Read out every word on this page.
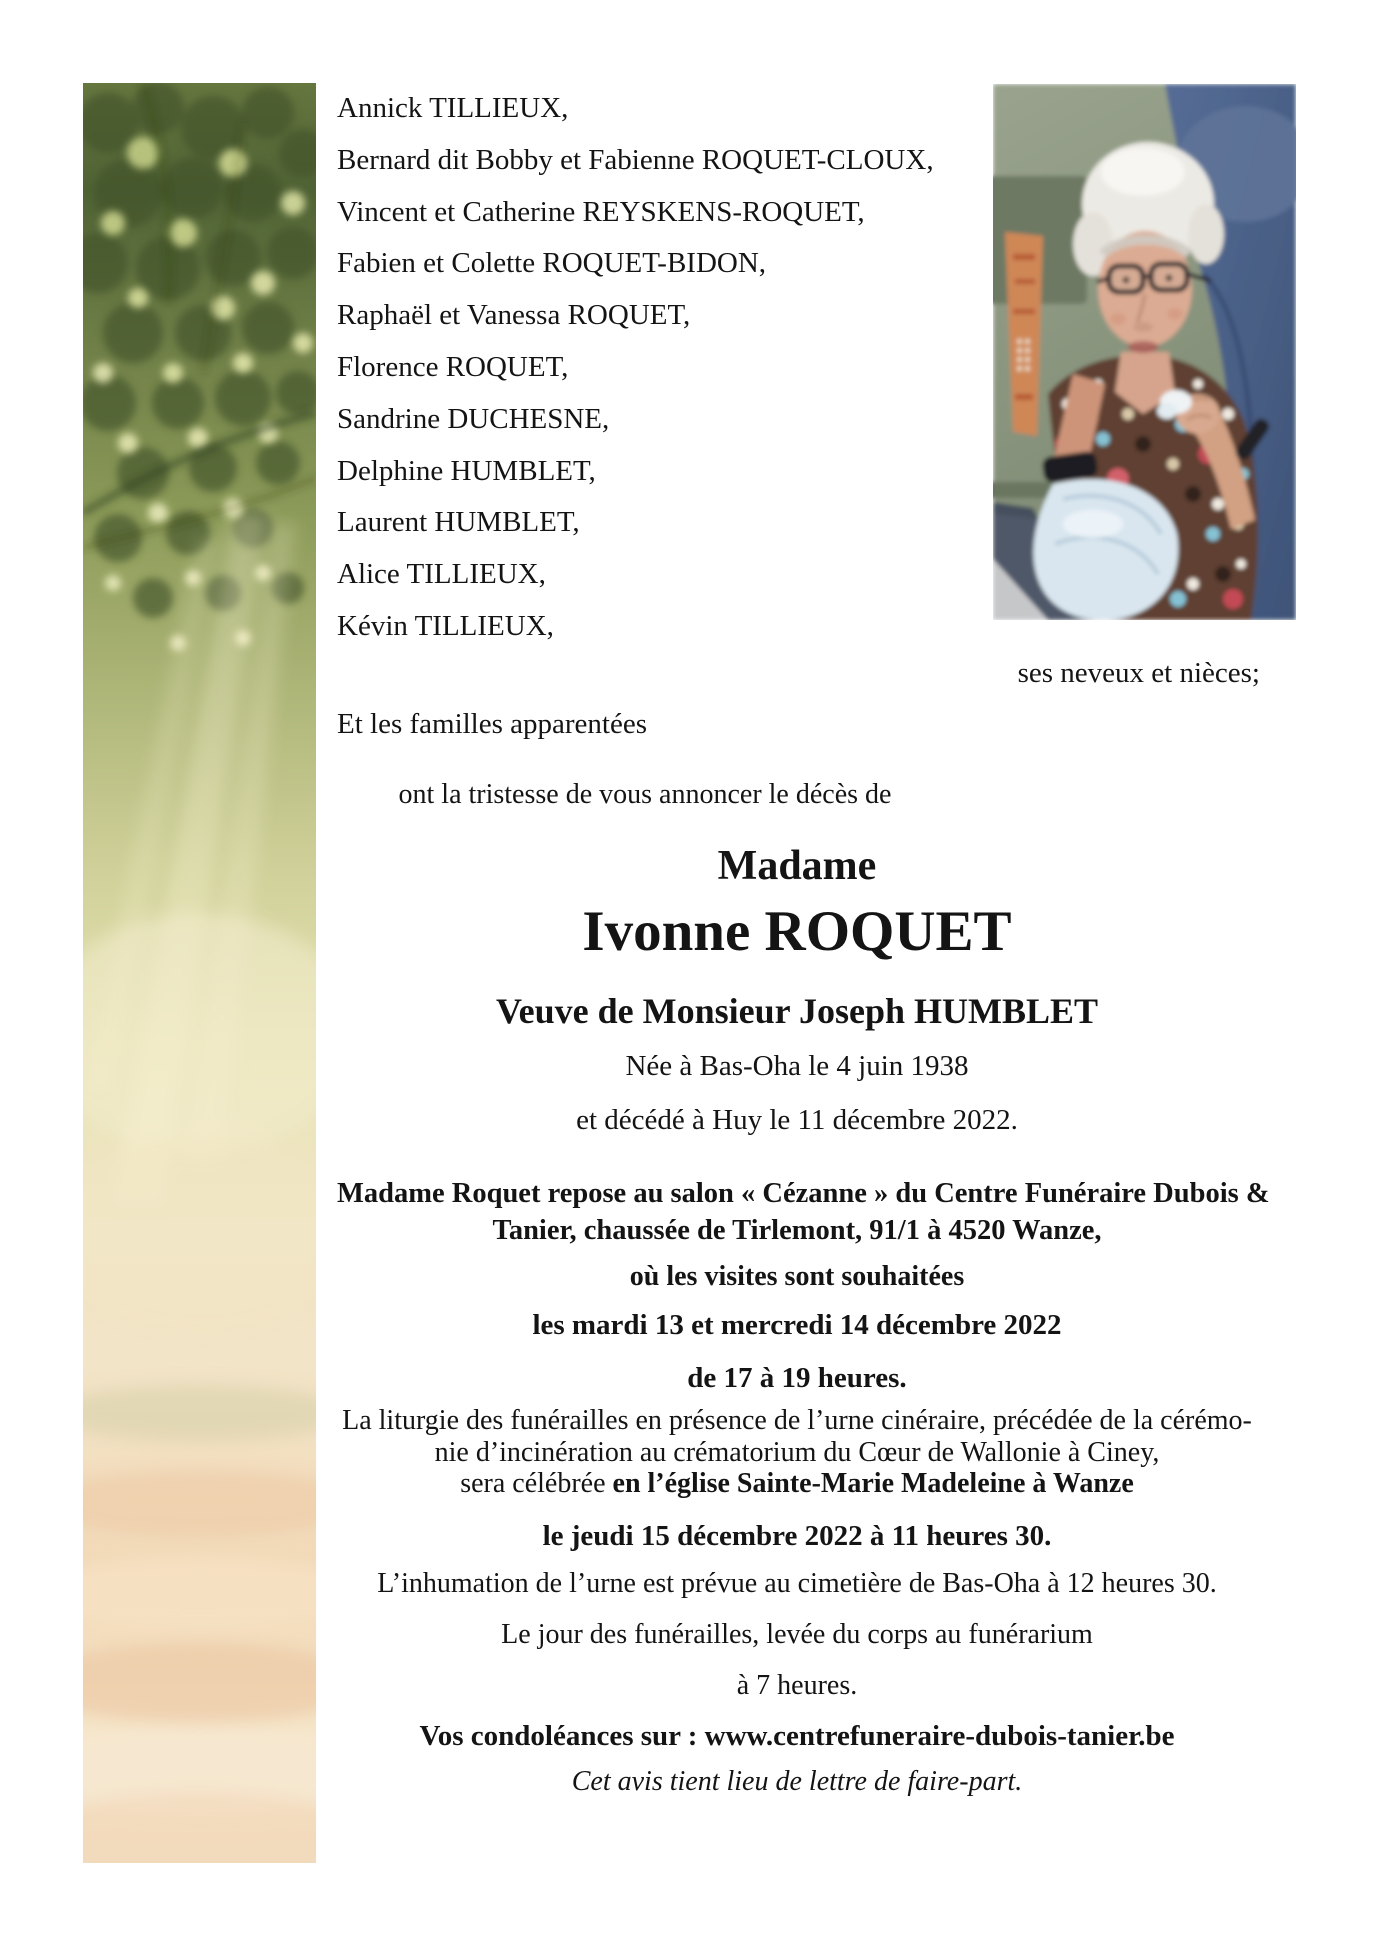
Annick TILLIEUX,
Bernard dit Bobby et Fabienne ROQUET-CLOUX,
Vincent et Catherine REYSKENS-ROQUET,
Fabien et Colette ROQUET-BIDON,
Raphaël et Vanessa ROQUET,
Florence ROQUET,
Sandrine DUCHESNE,
Delphine HUMBLET,
Laurent HUMBLET,
Alice TILLIEUX,
Kévin TILLIEUX,
ses neveux et nièces;
Et les familles apparentées
ont la tristesse de vous annoncer le décès de
Madame
Ivonne ROQUET
Veuve de Monsieur Joseph HUMBLET
Née à Bas-Oha le 4 juin 1938
et décédé à Huy le 11 décembre 2022.
Madame Roquet repose au salon « Cézanne » du Centre Funéraire Dubois &
Tanier, chaussée de Tirlemont, 91/1 à 4520 Wanze,
où les visites sont souhaitées
les mardi 13 et mercredi 14 décembre 2022
de 17 à 19 heures.
La liturgie des funérailles en présence de l’urne cinéraire, précédée de la cérémo-
nie d’incinération au crématorium du Cœur de Wallonie à Ciney,
sera célébrée en l’église Sainte-Marie Madeleine à Wanze
le jeudi 15 décembre 2022 à 11 heures 30.
L’inhumation de l’urne est prévue au cimetière de Bas-Oha à 12 heures 30.
Le jour des funérailles, levée du corps au funérarium
à 7 heures.
Vos condoléances sur : www.centrefuneraire-dubois-tanier.be
Cet avis tient lieu de lettre de faire-part.
